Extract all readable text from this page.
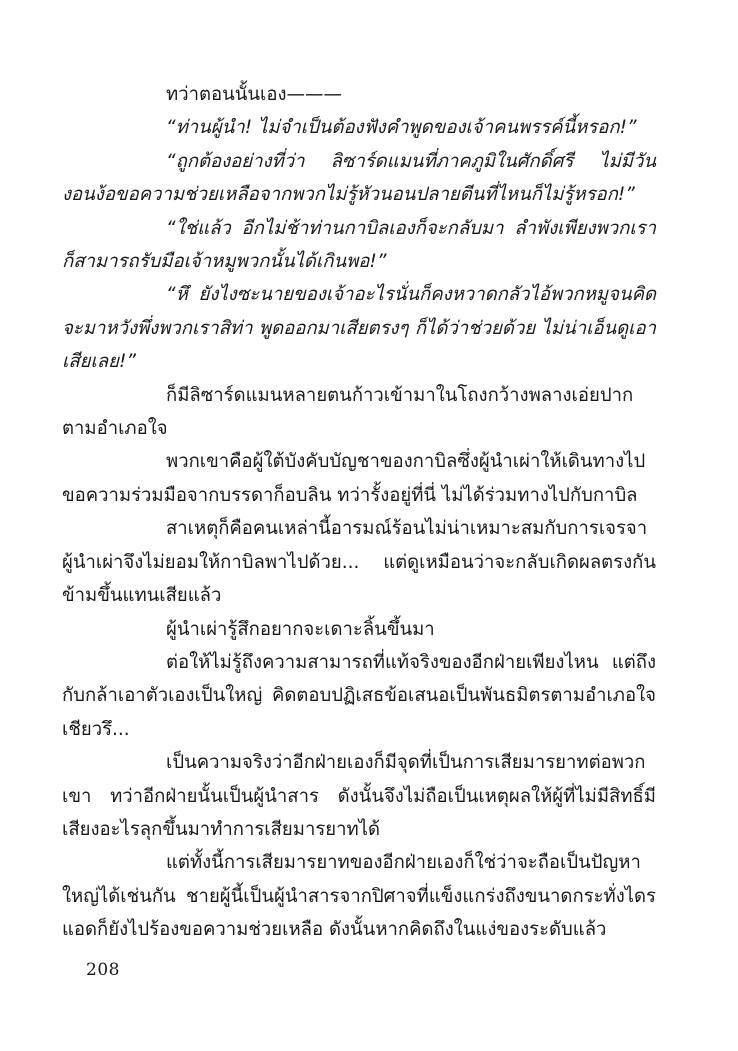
ทว่าตอนนั้นเอง———

“ท่านผู้นำ! ไม่จำเป็นต้องฟังคำพูดของเจ้าคนพรรค์นี้หรอก!”

“ถูกต้องอย่างที่ว่า ลิซาร์ดแมนที่ภาคภูมิในศักดิ์ศรี ไม่มีวันงอนง้อขอความช่วยเหลือจากพวกไม่รู้หัวนอนปลายตีนที่ไหนก็ไม่รู้หรอก!”

“ใช่แล้ว อีกไม่ช้าท่านกาบิลเองก็จะกลับมา ลำพังเพียงพวกเราก็สามารถรับมือเจ้าหมูพวกนั้นได้เกินพอ!”

“หึ ยังไงซะนายของเจ้าอะไรนั่นก็คงหวาดกลัวไอ้พวกหมูจนคิดจะมาหวังพึ่งพวกเราสิท่า พูดออกมาเสียตรงๆ ก็ได้ว่าช่วยด้วย ไม่น่าเอ็นดูเอาเสียเลย!”

ก็มีลิซาร์ดแมนหลายตนก้าวเข้ามาในโถงกว้างพลางเอ่ยปากตามอำเภอใจ

พวกเขาคือผู้ใต้บังคับบัญชาของกาบิลซึ่งผู้นำเผ่าให้เดินทางไปขอความร่วมมือจากบรรดาก็อบลิน ทว่ารั้งอยู่ที่นี่ ไม่ได้ร่วมทางไปกับกาบิล

สาเหตุก็คือคนเหล่านี้อารมณ์ร้อนไม่น่าเหมาะสมกับการเจรจา ผู้นำเผ่าจึงไม่ยอมให้กาบิลพาไปด้วย... แต่ดูเหมือนว่าจะกลับเกิดผลตรงกันข้ามขึ้นแทนเสียแล้ว

ผู้นำเผ่ารู้สึกอยากจะเดาะลิ้นขึ้นมา

ต่อให้ไม่รู้ถึงความสามารถที่แท้จริงของอีกฝ่ายเพียงไหน แต่ถึงกับกล้าเอาตัวเองเป็นใหญ่ คิดตอบปฏิเสธข้อเสนอเป็นพันธมิตรตามอำเภอใจเชียวรึ...

เป็นความจริงว่าอีกฝ่ายเองก็มีจุดที่เป็นการเสียมารยาทต่อพวกเขา ทว่าอีกฝ่ายนั้นเป็นผู้นำสาร ดังนั้นจึงไม่ถือเป็นเหตุผลให้ผู้ที่ไม่มีสิทธิ์มีเสียงอะไรลุกขึ้นมาทำการเสียมารยาทได้

แต่ทั้งนี้การเสียมารยาทของอีกฝ่ายเองก็ใช่ว่าจะถือเป็นปัญหาใหญ่ได้เช่นกัน ชายผู้นี้เป็นผู้นำสารจากปิศาจที่แข็งแกร่งถึงขนาดกระทั่งไดรแอดก็ยังไปร้องขอความช่วยเหลือ ดังนั้นหากคิดถึงในแง่ของระดับแล้ว

208
